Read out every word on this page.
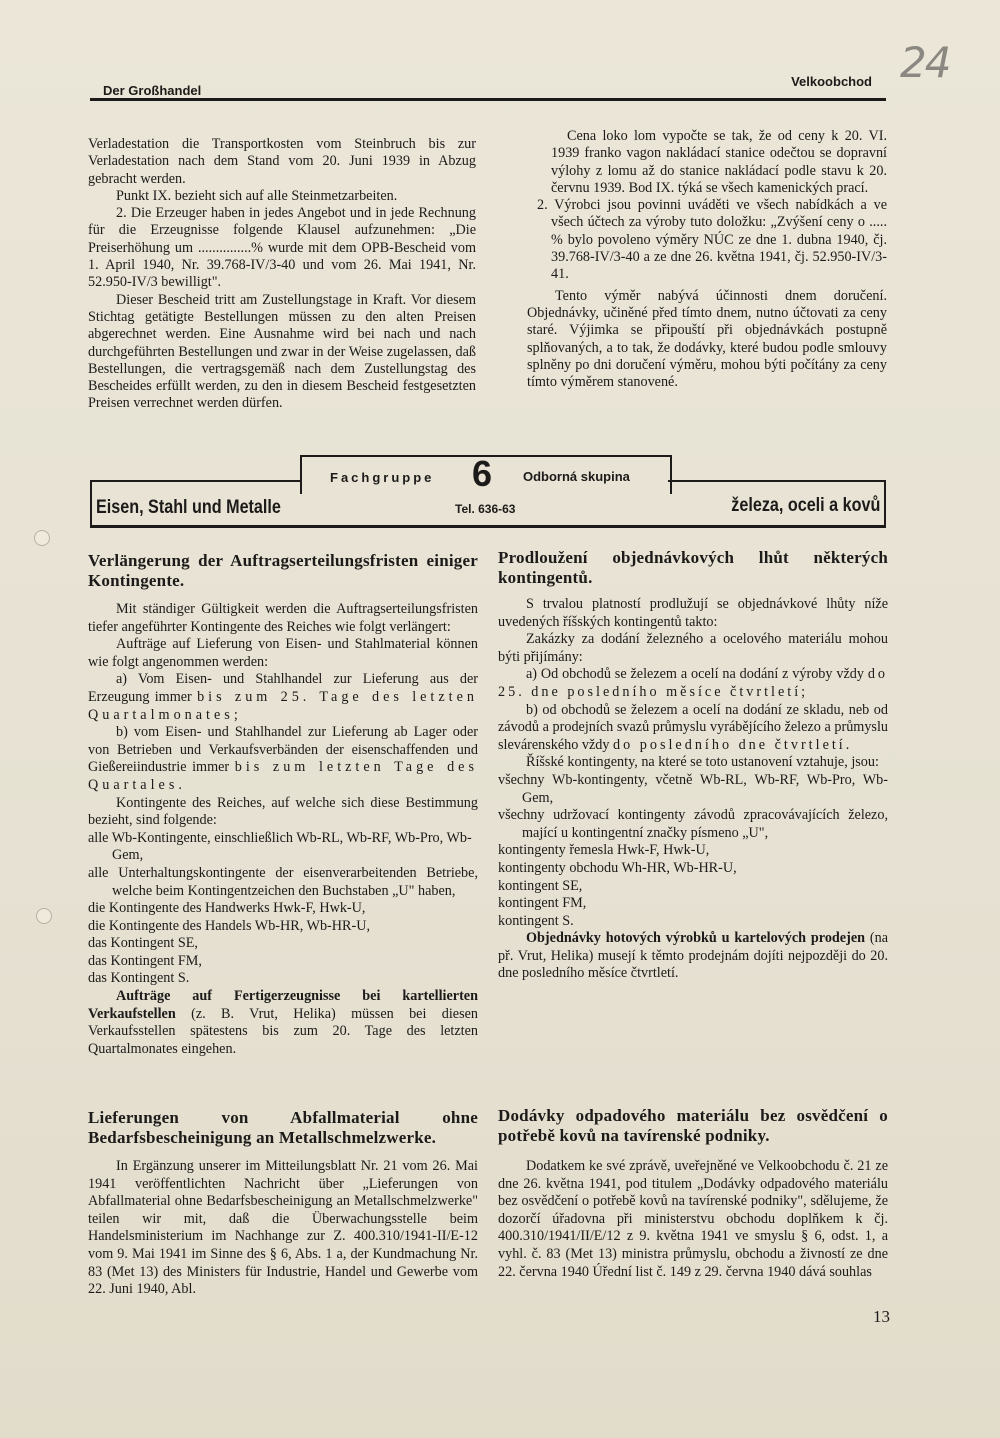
24
Der Großhandel
Velkoobchod

Verladestation die Transportkosten vom Steinbruch bis zur Verladestation nach dem Stand vom 20. Juni 1939 in Abzug gebracht werden.

Punkt IX. bezieht sich auf alle Steinmetzarbeiten.

2. Die Erzeuger haben in jedes Angebot und in jede Rechnung für die Erzeugnisse folgende Klausel aufzunehmen: „Die Preiserhöhung um ...............% wurde mit dem OPB-Bescheid vom 1. April 1940, Nr. 39.768-IV/3-40 und vom 26. Mai 1941, Nr. 52.950-IV/3 bewilligt".

Dieser Bescheid tritt am Zustellungstage in Kraft. Vor diesem Stichtag getätigte Bestellungen müssen zu den alten Preisen abgerechnet werden. Eine Ausnahme wird bei nach und nach durchgeführten Bestellungen und zwar in der Weise zugelassen, daß Bestellungen, die vertragsgemäß nach dem Zustellungstag des Bescheides erfüllt werden, zu den in diesem Bescheid festgesetzten Preisen verrechnet werden dürfen.

Cena loko lom vypočte se tak, že od ceny k 20. VI. 1939 franko vagon nakládací stanice odečtou se dopravní výlohy z lomu až do stanice nakládací podle stavu k 20. červnu 1939. Bod IX. týká se všech kamenických prací.

2. Výrobci jsou povinni uváděti ve všech nabídkách a ve všech účtech za výroby tuto doložku: „Zvýšení ceny o ..... % bylo povoleno výměry NÚC ze dne 1. dubna 1940, čj. 39.768-IV/3-40 a ze dne 26. května 1941, čj. 52.950-IV/3-41.

Tento výměr nabývá účinnosti dnem doručení. Objednávky, učiněné před tímto dnem, nutno účtovati za ceny staré. Výjimka se připouští při objednávkách postupně splňovaných, a to tak, že dodávky, které budou podle smlouvy splněny po dni doručení výměru, mohou býti počítány za ceny tímto výměrem stanovené.

Fachgruppe 6 Odborná skupina
Eisen, Stahl und Metalle	Tel. 636-63	železa, oceli a kovů

Verlängerung der Auftragserteilungsfristen einiger Kontingente.

Mit ständiger Gültigkeit werden die Auftragserteilungsfristen tiefer angeführter Kontingente des Reiches wie folgt verlängert:

Aufträge auf Lieferung von Eisen- und Stahlmaterial können wie folgt angenommen werden:

a) Vom Eisen- und Stahlhandel zur Lieferung aus der Erzeugung immer bis zum 25. Tage des letzten Quartalmonates;

b) vom Eisen- und Stahlhandel zur Lieferung ab Lager oder von Betrieben und Verkaufsverbänden der eisenschaffenden und Gießereiindustrie immer bis zum letzten Tage des Quartales.

Kontingente des Reiches, auf welche sich diese Bestimmung bezieht, sind folgende:

alle Wb-Kontingente, einschließlich Wb-RL, Wb-RF, Wb-Pro, Wb-Gem,

alle Unterhaltungskontingente der eisenverarbeitenden Betriebe, welche beim Kontingentzeichen den Buchstaben „U" haben,

die Kontingente des Handwerks Hwk-F, Hwk-U,

die Kontingente des Handels Wb-HR, Wb-HR-U,

das Kontingent SE,

das Kontingent FM,

das Kontingent S.

Aufträge auf Fertigerzeugnisse bei kartellierten Verkaufstellen (z. B. Vrut, Helika) müssen bei diesen Verkaufsstellen spätestens bis zum 20. Tage des letzten Quartalmonates eingehen.

Prodloužení objednávkových lhůt některých kontingentů.

S trvalou platností prodlužují se objednávkové lhůty níže uvedených říšských kontingentů takto:

Zakázky za dodání železného a ocelového materiálu mohou býti přijímány:

a) Od obchodů se železem a ocelí na dodání z výroby vždy do 25. dne posledního měsíce čtvrtletí;

b) od obchodů se železem a ocelí na dodání ze skladu, neb od závodů a prodejních svazů průmyslu vyrábějícího železo a průmyslu slevárenského vždy do posledního dne čtvrtletí.

Říšské kontingenty, na které se toto ustanovení vztahuje, jsou:

všechny Wb-kontingenty, včetně Wb-RL, Wb-RF, Wb-Pro, Wb-Gem,

všechny udržovací kontingenty závodů zpracovávajících železo, mající u kontingentní značky písmeno „U",

kontingenty řemesla Hwk-F, Hwk-U,

kontingenty obchodu Wh-HR, Wb-HR-U,

kontingent SE,

kontingent FM,

kontingent S.

Objednávky hotových výrobků u kartelových prodejen (na př. Vrut, Helika) musejí k těmto prodejnám dojíti nejpozději do 20. dne posledního měsíce čtvrtletí.

Lieferungen von Abfallmaterial ohne Bedarfsbescheinigung an Metallschmelzwerke.

In Ergänzung unserer im Mitteilungsblatt Nr. 21 vom 26. Mai 1941 veröffentlichten Nachricht über „Lieferungen von Abfallmaterial ohne Bedarfsbescheinigung an Metallschmelzwerke" teilen wir mit, daß die Überwachungsstelle beim Handelsministerium im Nachhange zur Z. 400.310/1941-II/E-12 vom 9. Mai 1941 im Sinne des § 6, Abs. 1 a, der Kundmachung Nr. 83 (Met 13) des Ministers für Industrie, Handel und Gewerbe vom 22. Juni 1940, Abl.

Dodávky odpadového materiálu bez osvědčení o potřebě kovů na tavírenské podniky.

Dodatkem ke své zprávě, uveřejněné ve Velkoobchodu č. 21 ze dne 26. května 1941, pod titulem „Dodávky odpadového materiálu bez osvědčení o potřebě kovů na tavírenské podniky", sdělujeme, že dozorčí úřadovna při ministerstvu obchodu doplňkem k čj. 400.310/1941/II/E/12 z 9. května 1941 ve smyslu § 6, odst. 1, a vyhl. č. 83 (Met 13) ministra průmyslu, obchodu a živností ze dne 22. června 1940 Úřední list č. 149 z 29. června 1940 dává souhlas

13
